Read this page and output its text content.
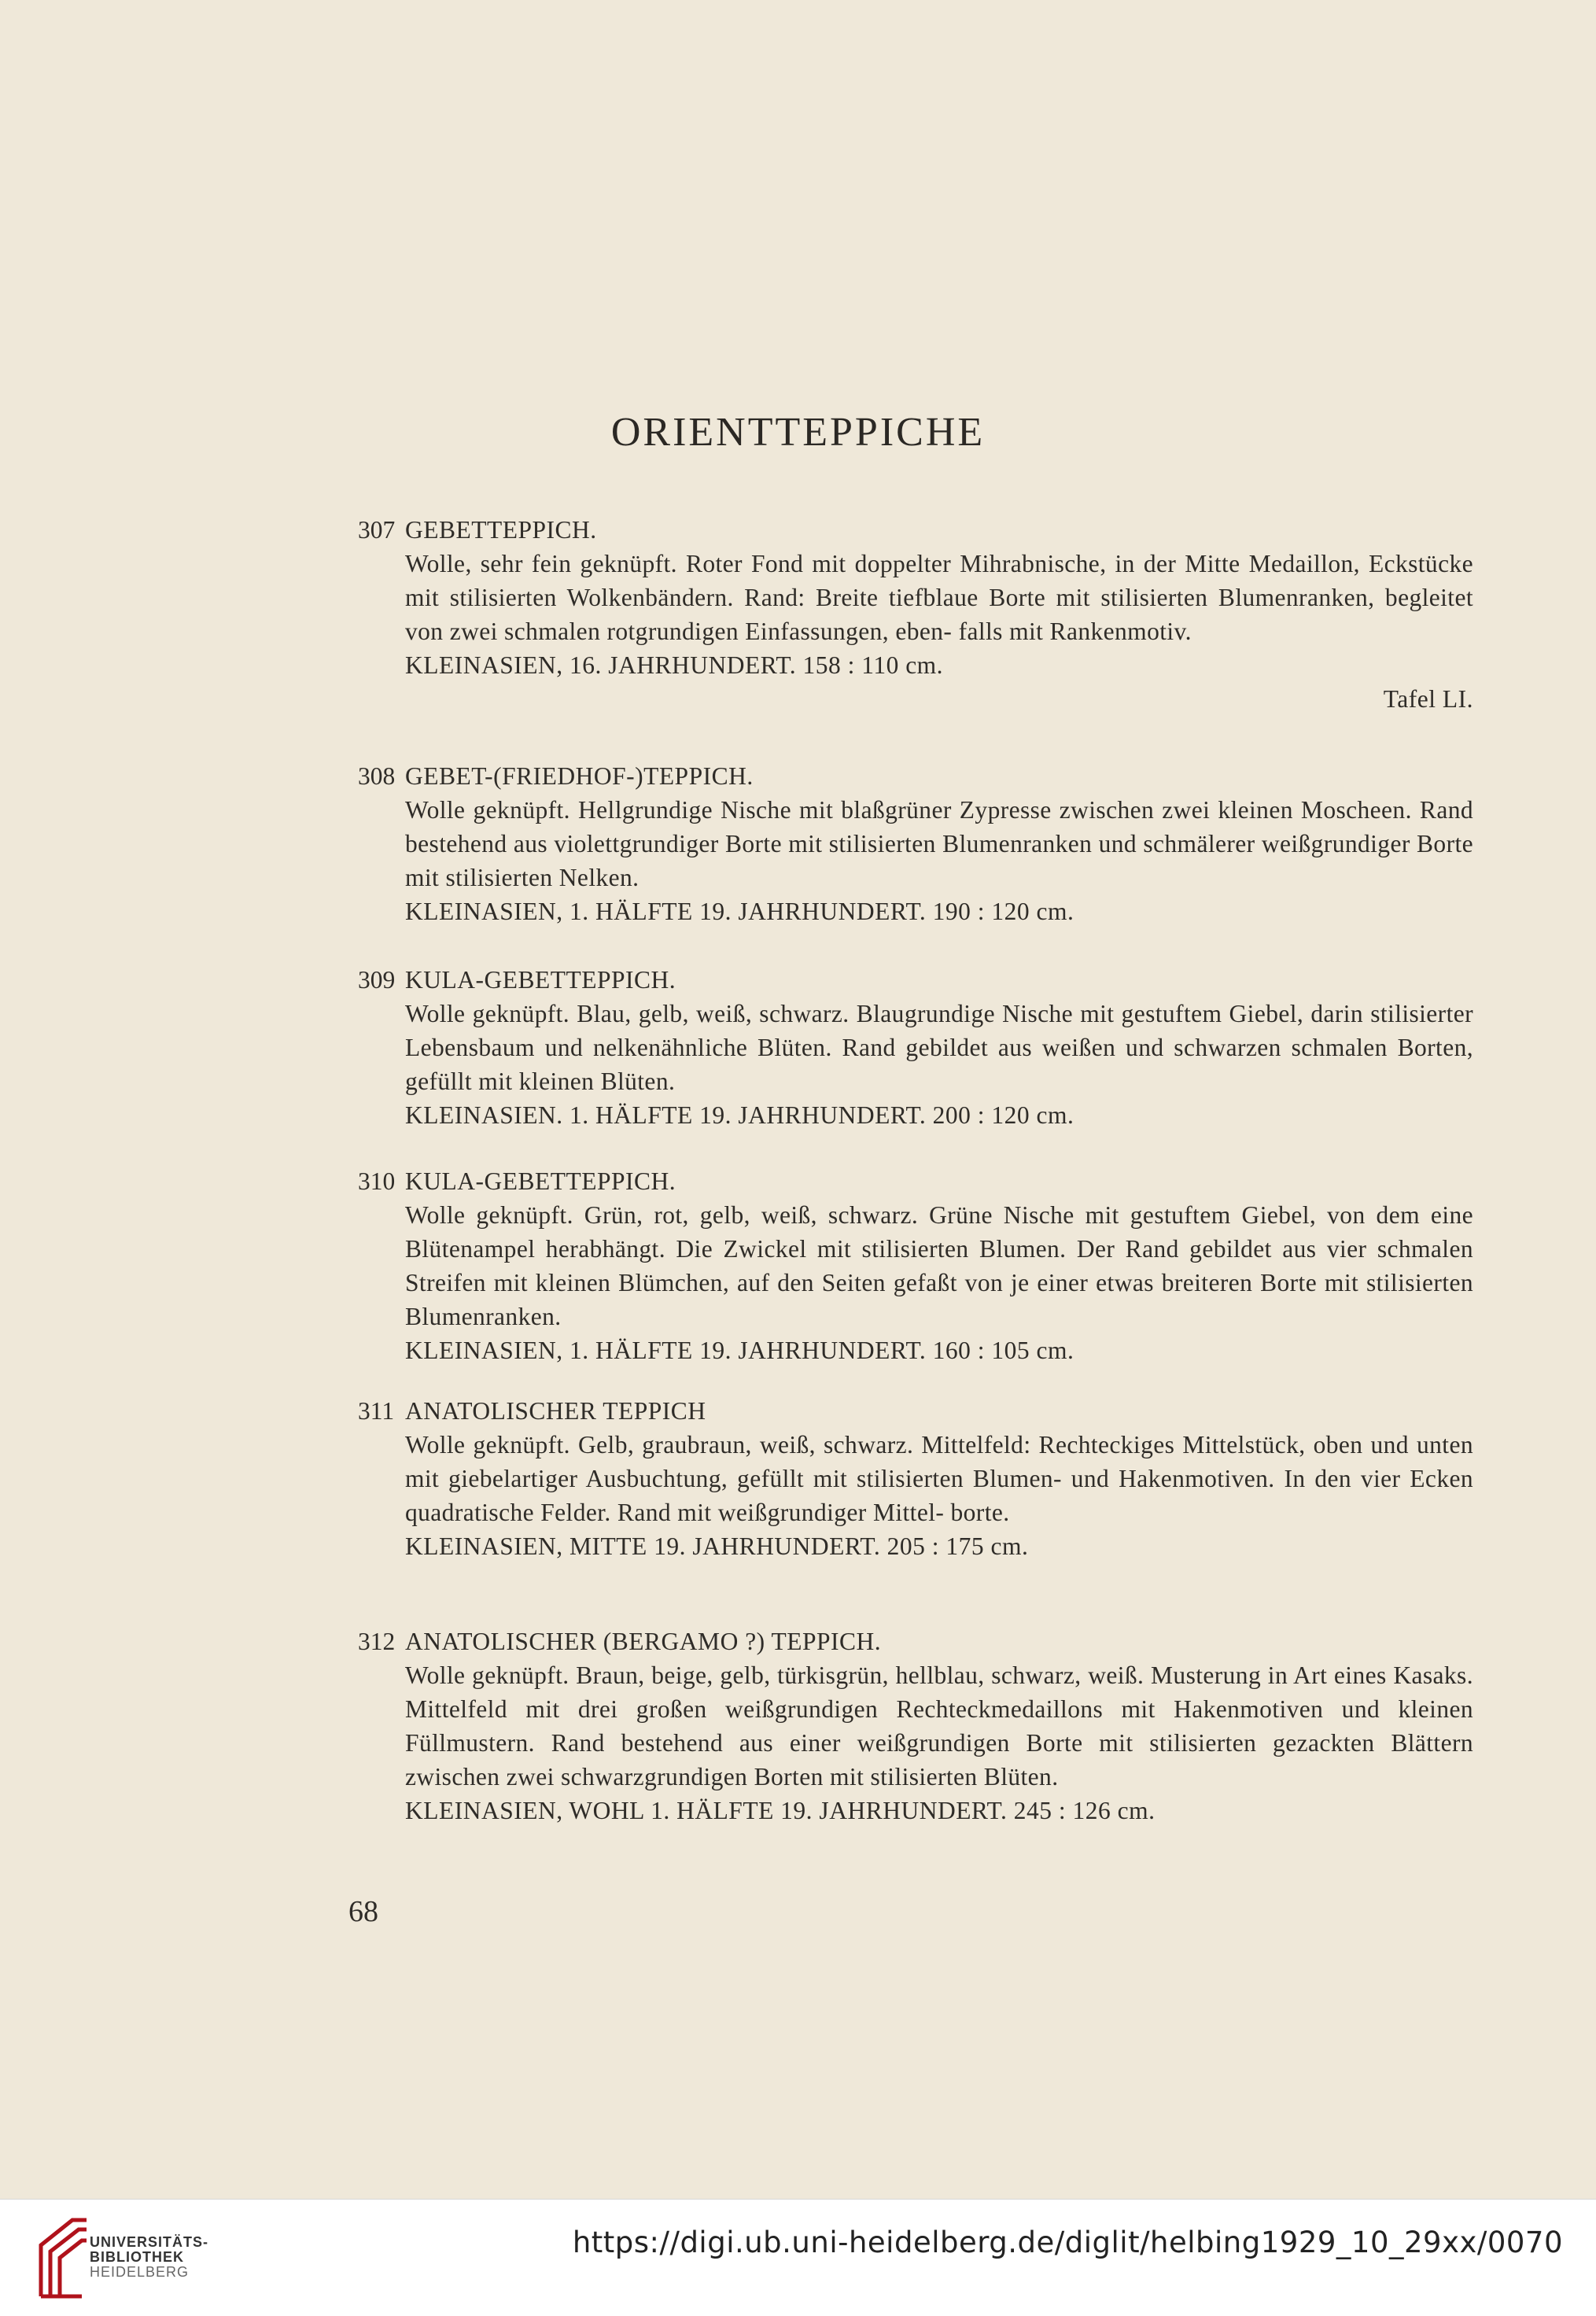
ORIENTTEPPICHE
307 GEBETTEPPICH.
Wolle, sehr fein geknüpft. Roter Fond mit doppelter Mihrabnische, in der Mitte Medaillon, Eckstücke mit stilisierten Wolkenbändern. Rand: Breite tiefblaue Borte mit stilisierten Blumenranken, begleitet von zwei schmalen rotgrundigen Einfassungen, eben- falls mit Rankenmotiv.
KLEINASIEN, 16. JAHRHUNDERT. 158 : 110 cm.
Tafel LI.
308 GEBET-(FRIEDHOF-)TEPPICH.
Wolle geknüpft. Hellgrundige Nische mit blaßgrüner Zypresse zwischen zwei kleinen Moscheen. Rand bestehend aus violettgrundiger Borte mit stilisierten Blumenranken und schmälerer weißgrundiger Borte mit stilisierten Nelken.
KLEINASIEN, 1. HÄLFTE 19. JAHRHUNDERT. 190 : 120 cm.
309 KULA-GEBETTEPPICH.
Wolle geknüpft. Blau, gelb, weiß, schwarz. Blaugrundige Nische mit gestuftem Giebel, darin stilisierter Lebensbaum und nelkenähnliche Blüten. Rand gebildet aus weißen und schwarzen schmalen Borten, gefüllt mit kleinen Blüten.
KLEINASIEN. 1. HÄLFTE 19. JAHRHUNDERT. 200 : 120 cm.
310 KULA-GEBETTEPPICH.
Wolle geknüpft. Grün, rot, gelb, weiß, schwarz. Grüne Nische mit gestuftem Giebel, von dem eine Blütenampel herabhängt. Die Zwickel mit stilisierten Blumen. Der Rand gebildet aus vier schmalen Streifen mit kleinen Blümchen, auf den Seiten gefaßt von je einer etwas breiteren Borte mit stilisierten Blumenranken.
KLEINASIEN, 1. HÄLFTE 19. JAHRHUNDERT. 160 : 105 cm.
311 ANATOLISCHER TEPPICH
Wolle geknüpft. Gelb, graubraun, weiß, schwarz. Mittelfeld: Rechteckiges Mittelstück, oben und unten mit giebelartiger Ausbuchtung, gefüllt mit stilisierten Blumen- und Hakenmotiven. In den vier Ecken quadratische Felder. Rand mit weißgrundiger Mittel- borte.
KLEINASIEN, MITTE 19. JAHRHUNDERT. 205 : 175 cm.
312 ANATOLISCHER (BERGAMO ?) TEPPICH.
Wolle geknüpft. Braun, beige, gelb, türkisgrün, hellblau, schwarz, weiß. Musterung in Art eines Kasaks. Mittelfeld mit drei großen weißgrundigen Rechteckmedaillons mit Hakenmotiven und kleinen Füllmustern. Rand bestehend aus einer weißgrundigen Borte mit stilisierten gezackten Blättern zwischen zwei schwarzgrundigen Borten mit stilisierten Blüten.
KLEINASIEN, WOHL 1. HÄLFTE 19. JAHRHUNDERT. 245 : 126 cm.
68
UNIVERSITÄTS-
BIBLIOTHEK
HEIDELBERG
https://digi.ub.uni-heidelberg.de/diglit/helbing1929_10_29xx/0070
